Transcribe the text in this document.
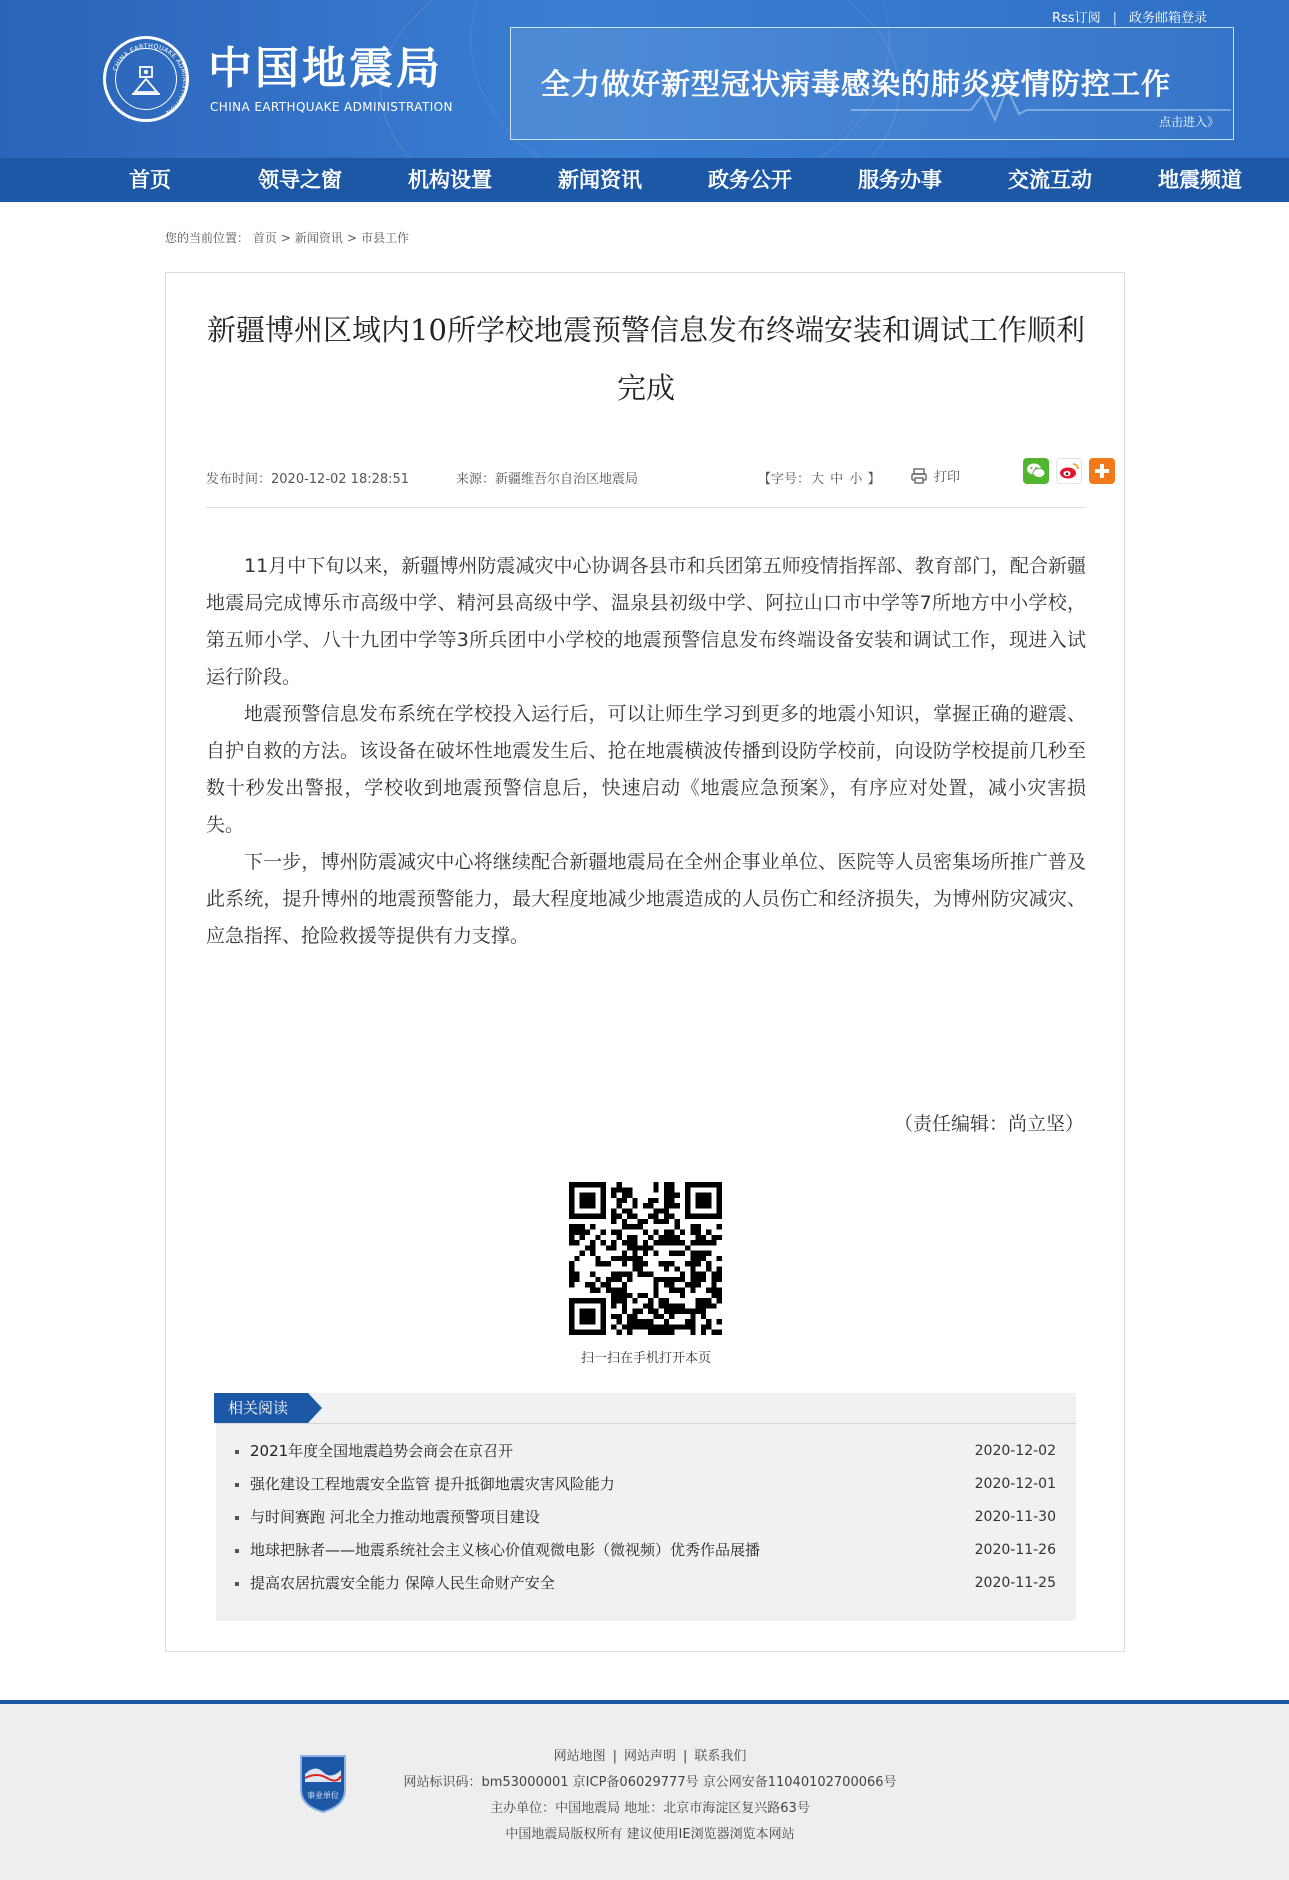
CHINA EARTHQUAKE ADMINISTRATION
中国地震局
CHINA EARTHQUAKE ADMINISTRATION
Rss订阅 | 政务邮箱登录
全力做好新型冠状病毒感染的肺炎疫情防控工作
点击进入》
首页	领导之窗	机构设置	新闻资讯	政务公开	服务办事	交流互动	地震频道
您的当前位置： 首页 > 新闻资讯 > 市县工作
新疆博州区域内10所学校地震预警信息发布终端安装和调试工作顺利完成
发布时间：2020-12-02 18:28:51	来源：新疆维吾尔自治区地震局	【字号：大 中 小 】	打印

11月中下旬以来，新疆博州防震减灾中心协调各县市和兵团第五师疫情指挥部、教育部门，配合新疆地震局完成博乐市高级中学、精河县高级中学、温泉县初级中学、阿拉山口市中学等7所地方中小学校，第五师小学、八十九团中学等3所兵团中小学校的地震预警信息发布终端设备安装和调试工作，现进入试运行阶段。

地震预警信息发布系统在学校投入运行后，可以让师生学习到更多的地震小知识，掌握正确的避震、自护自救的方法。该设备在破坏性地震发生后、抢在地震横波传播到设防学校前，向设防学校提前几秒至数十秒发出警报，学校收到地震预警信息后，快速启动《地震应急预案》，有序应对处置，减小灾害损失。

下一步，博州防震减灾中心将继续配合新疆地震局在全州企事业单位、医院等人员密集场所推广普及此系统，提升博州的地震预警能力，最大程度地减少地震造成的人员伤亡和经济损失，为博州防灾减灾、应急指挥、抢险救援等提供有力支撑。

（责任编辑：尚立坚）
扫一扫在手机打开本页
相关阅读
2021年度全国地震趋势会商会在京召开	2020-12-02
强化建设工程地震安全监管 提升抵御地震灾害风险能力	2020-12-01
与时间赛跑 河北全力推动地震预警项目建设	2020-11-30
地球把脉者——地震系统社会主义核心价值观微电影（微视频）优秀作品展播	2020-11-26
提高农居抗震安全能力 保障人民生命财产安全	2020-11-25
事业单位
网站地图 | 网站声明 | 联系我们
网站标识码：bm53000001 京ICP备06029777号 京公网安备11040102700066号
主办单位：中国地震局 地址：北京市海淀区复兴路63号
中国地震局版权所有 建议使用IE浏览器浏览本网站
